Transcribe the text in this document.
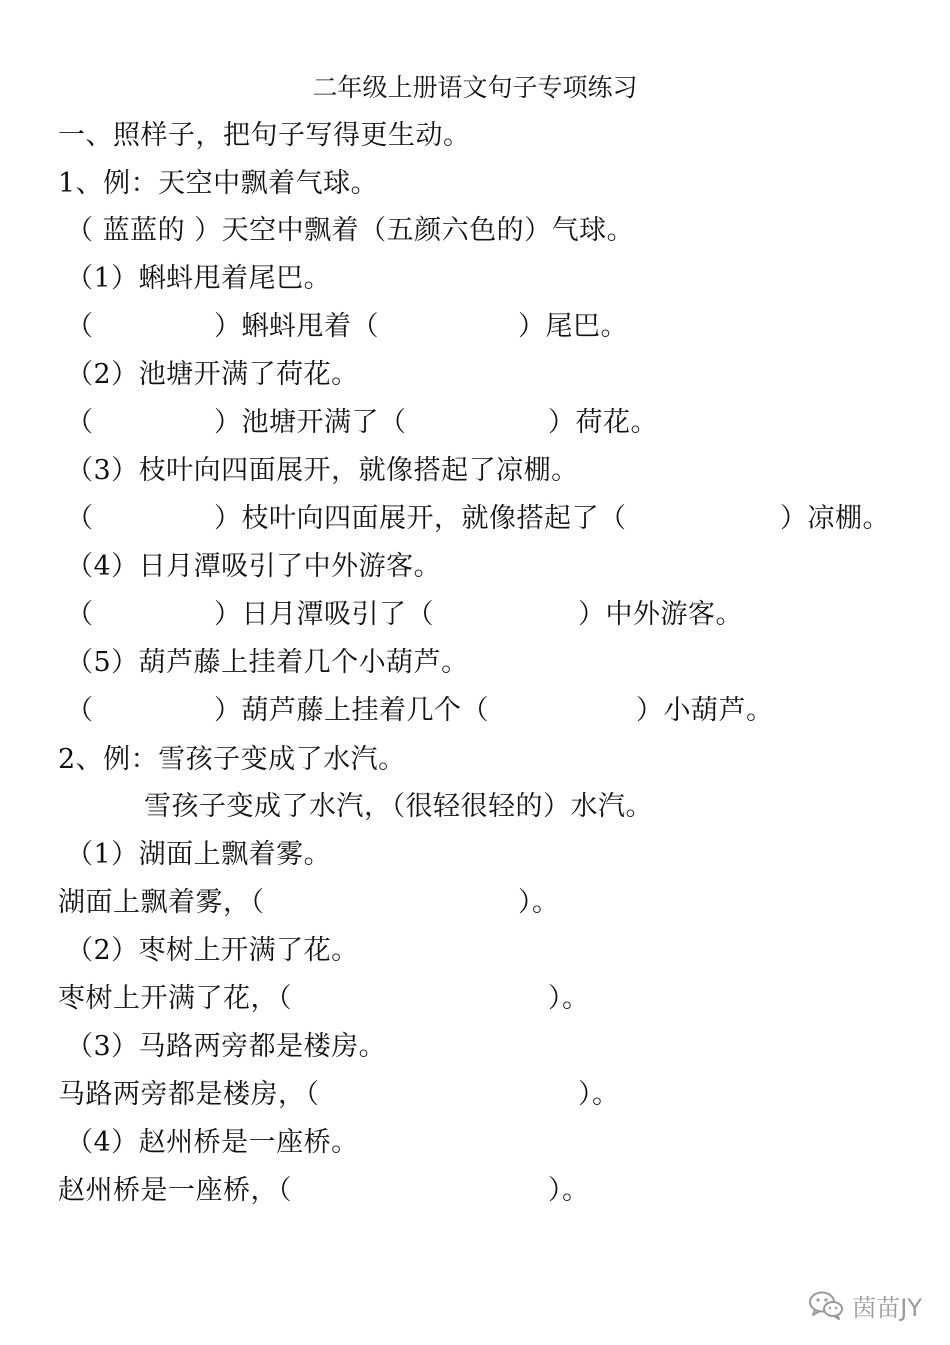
二年级上册语文句子专项练习
一、照样子，把句子写得更生动。
1、例：天空中飘着气球。
（ 蓝蓝的 ）天空中飘着（五颜六色的）气球。
（1）蝌蚪甩着尾巴。

（

	）蝌蚪甩着（

	）尾巴。

（2）池塘开满了荷花。

（

	）池塘开满了（

	）荷花。

（3）枝叶向四面展开，就像搭起了凉棚。

（

	）枝叶向四面展开，就像搭起了（

	）凉棚。

（4）日月潭吸引了中外游客。

（

	）日月潭吸引了（

	）中外游客。

（5）葫芦藤上挂着几个小葫芦。

（

	）葫芦藤上挂着几个（

	）小葫芦。

2、例：雪孩子变成了水汽。
雪孩子变成了水汽，（很轻很轻的）水汽。
（1）湖面上飘着雾。

湖面上飘着雾，（

	）。

（2）枣树上开满了花。

枣树上开满了花，（

	）。

（3）马路两旁都是楼房。

马路两旁都是楼房，（

	）。

（4）赵州桥是一座桥。

赵州桥是一座桥，（

	）。

茵苗JY
